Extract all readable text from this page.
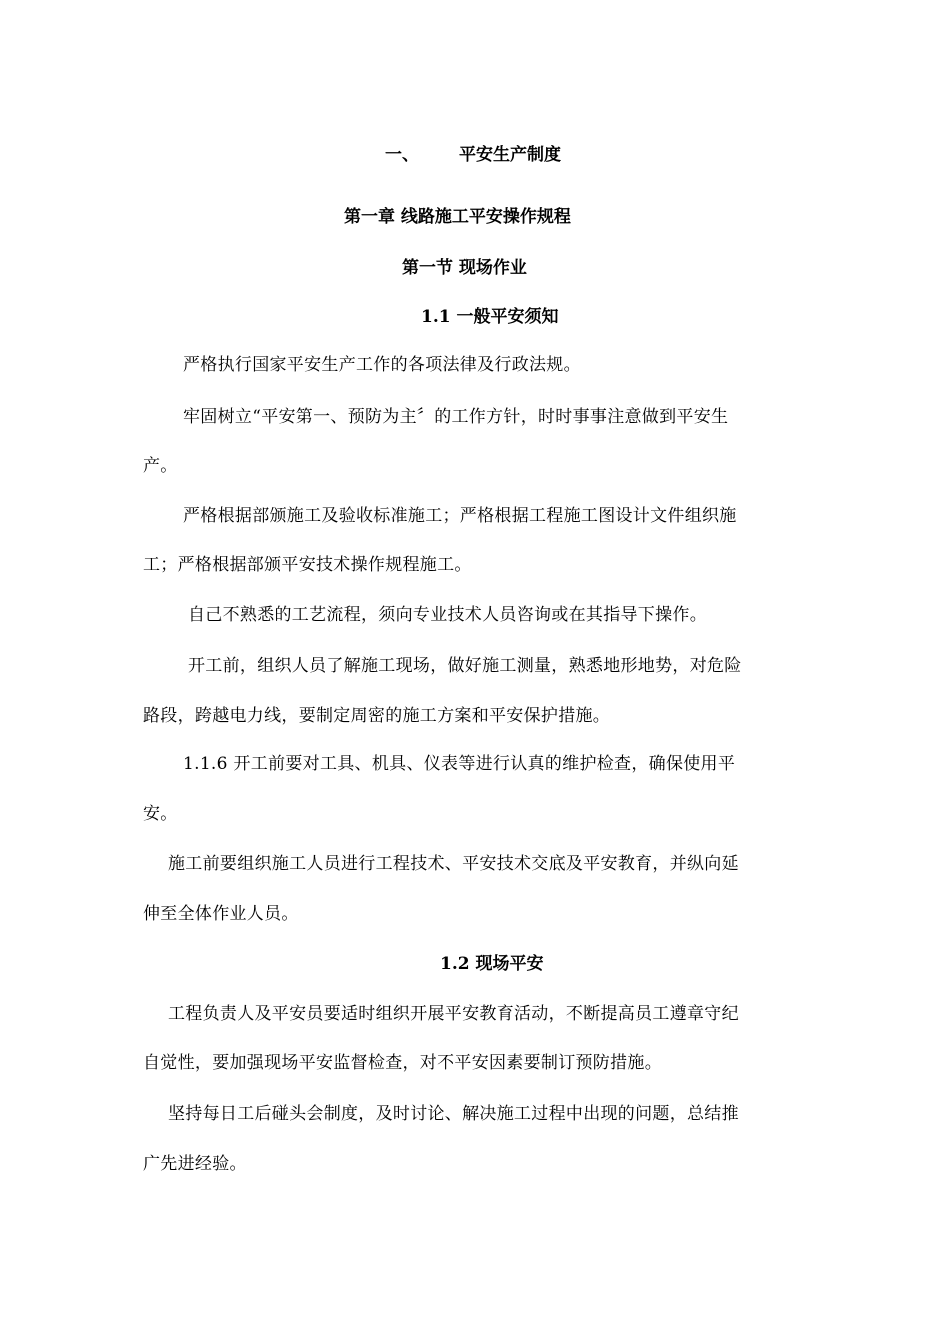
一、 平安生产制度
第一章 线路施工平安操作规程
第一节 现场作业
1.1 一般平安须知
严格执行国家平安生产工作的各项法律及行政法规。
牢固树立“平安第一、预防为主〞的工作方针，时时事事注意做到平安生
产。
严格根据部颁施工及验收标准施工；严格根据工程施工图设计文件组织施
工；严格根据部颁平安技术操作规程施工。
自己不熟悉的工艺流程，须向专业技术人员咨询或在其指导下操作。
开工前，组织人员了解施工现场，做好施工测量，熟悉地形地势，对危险
路段，跨越电力线，要制定周密的施工方案和平安保护措施。
1.1.6 开工前要对工具、机具、仪表等进行认真的维护检查，确保使用平
安。
施工前要组织施工人员进行工程技术、平安技术交底及平安教育，并纵向延
伸至全体作业人员。
1.2 现场平安
工程负责人及平安员要适时组织开展平安教育活动，不断提高员工遵章守纪
自觉性，要加强现场平安监督检查，对不平安因素要制订预防措施。
坚持每日工后碰头会制度，及时讨论、解决施工过程中出现的问题，总结推
广先进经验。
